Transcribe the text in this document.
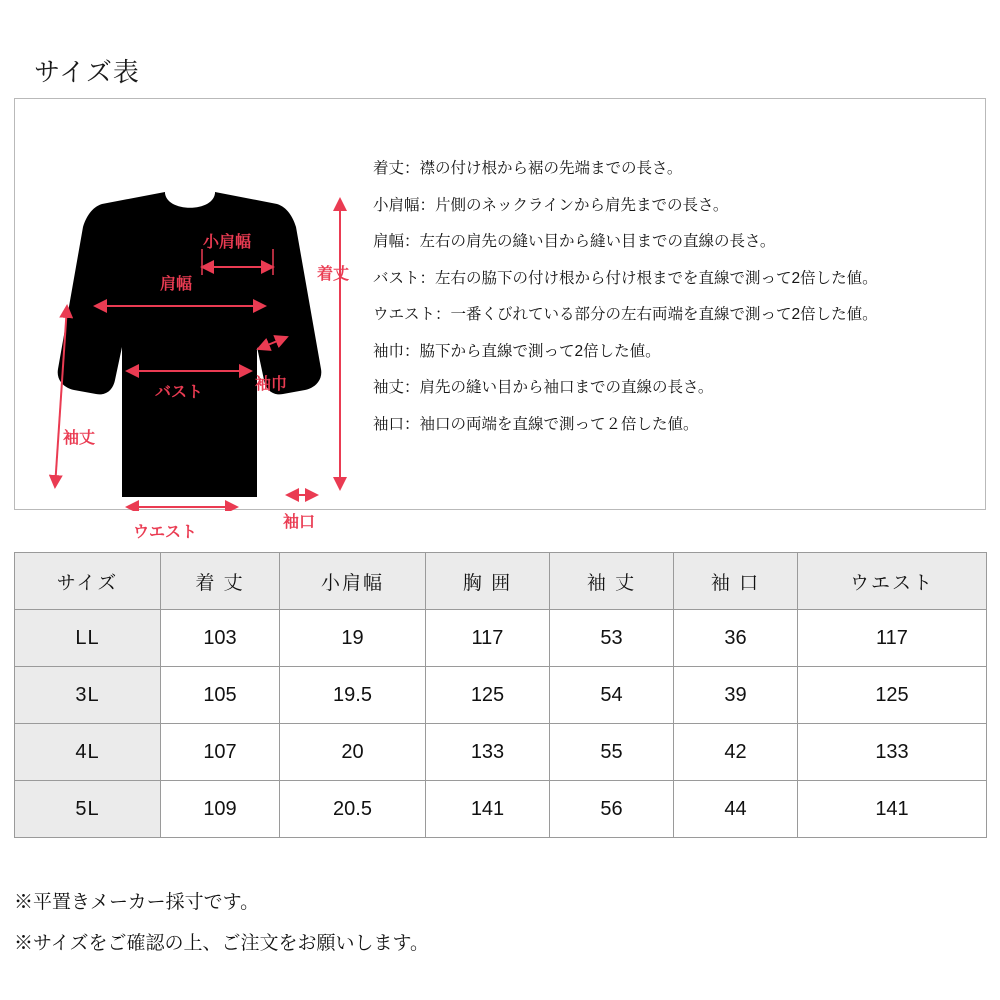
サイズ表
小肩幅
肩幅
着丈
バスト	袖巾
袖丈
ウエスト
袖口
着丈：襟の付け根から裾の先端までの長さ。
小肩幅：片側のネックラインから肩先までの長さ。
肩幅：左右の肩先の縫い目から縫い目までの直線の長さ。
バスト：左右の脇下の付け根から付け根までを直線で測って2倍した値。
ウエスト：一番くびれている部分の左右両端を直線で測って2倍した値。
袖巾：脇下から直線で測って2倍した値。
袖丈：肩先の縫い目から袖口までの直線の長さ。
袖口：袖口の両端を直線で測って２倍した値。
サイズ	着 丈	小肩幅	胸 囲	袖 丈	袖 口	ウエスト
LL	103	19	117	53	36	117
3L	105	19.5	125	54	39	125
4L	107	20	133	55	42	133
5L	109	20.5	141	56	44	141
※平置きメーカー採寸です。
※サイズをご確認の上、ご注文をお願いします。
